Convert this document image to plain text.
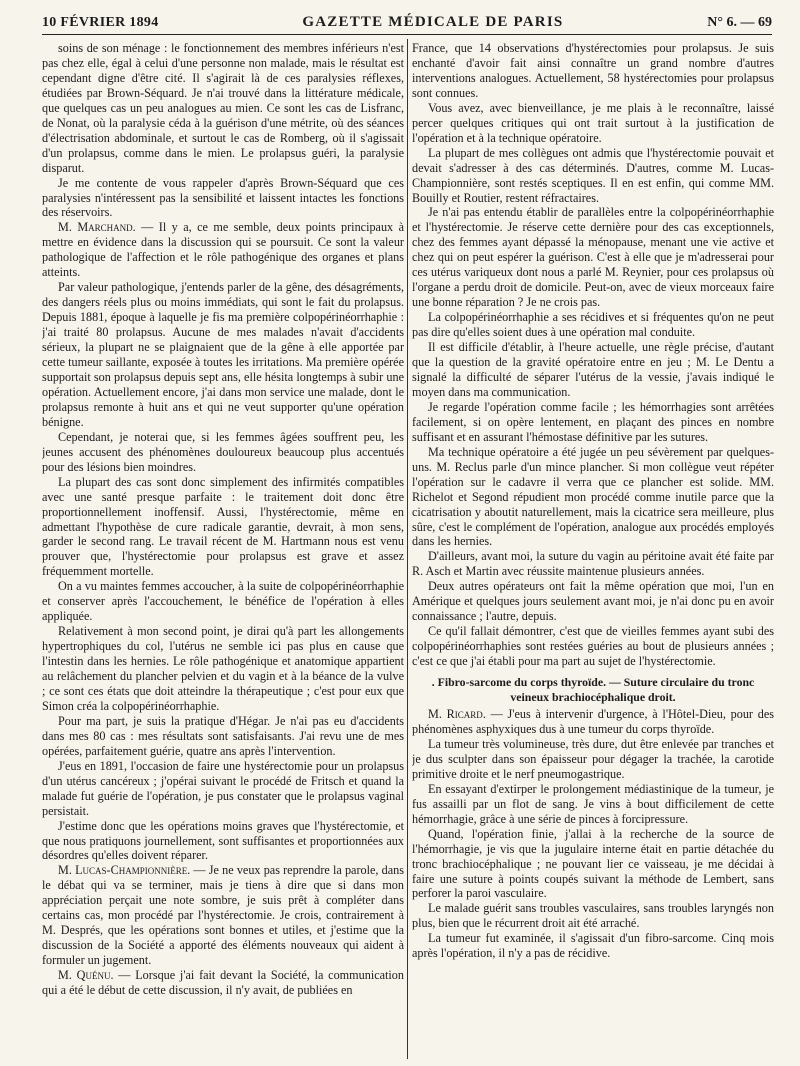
10 FÉVRIER 1894	GAZETTE MÉDICALE DE PARIS	N° 6. — 69

soins de son ménage : le fonctionnement des membres inférieurs n'est pas chez elle, égal à celui d'une personne non malade, mais le résultat est cependant digne d'être cité. Il s'agirait là de ces paralysies réflexes, étudiées par Brown-Séquard. Je n'ai trouvé dans la littérature médicale, que quelques cas un peu analogues au mien. Ce sont les cas de Lisfranc, de Nonat, où la paralysie céda à la guérison d'une métrite, où des séances d'électrisation abdominale, et surtout le cas de Romberg, où il s'agissait d'un prolapsus, comme dans le mien. Le prolapsus guéri, la paralysie disparut.

Je me contente de vous rappeler d'après Brown-Séquard que ces paralysies n'intéressent pas la sensibilité et laissent intactes les fonctions des réservoirs.

M. Marchand. — Il y a, ce me semble, deux points principaux à mettre en évidence dans la discussion qui se poursuit. Ce sont la valeur pathologique de l'affection et le rôle pathogénique des organes et plans atteints.

Par valeur pathologique, j'entends parler de la gêne, des désagréments, des dangers réels plus ou moins immédiats, qui sont le fait du prolapsus. Depuis 1881, époque à laquelle je fis ma première colpopérinéorrhaphie : j'ai traité 80 prolapsus. Aucune de mes malades n'avait d'accidents sérieux, la plupart ne se plaignaient que de la gêne à elle apportée par cette tumeur saillante, exposée à toutes les irritations. Ma première opérée supportait son prolapsus depuis sept ans, elle hésita longtemps à subir une opération. Actuellement encore, j'ai dans mon service une malade, dont le prolapsus remonte à huit ans et qui ne veut supporter qu'une opération bénigne.

Cependant, je noterai que, si les femmes âgées souffrent peu, les jeunes accusent des phénomènes douloureux beaucoup plus accentués pour des lésions bien moindres.

La plupart des cas sont donc simplement des infirmités compatibles avec une santé presque parfaite : le traitement doit donc être proportionnellement inoffensif. Aussi, l'hystérectomie, même en admettant l'hypothèse de cure radicale garantie, devrait, à mon sens, garder le second rang. Le travail récent de M. Hartmann nous est venu prouver que, l'hystérectomie pour prolapsus est grave et assez fréquemment mortelle.

On a vu maintes femmes accoucher, à la suite de colpopérinéorrhaphie et conserver après l'accouchement, le bénéfice de l'opération à elles appliquée.

Relativement à mon second point, je dirai qu'à part les allongements hypertrophiques du col, l'utérus ne semble ici pas plus en cause que l'intestin dans les hernies. Le rôle pathogénique et anatomique appartient au relâchement du plancher pelvien et du vagin et à la béance de la vulve ; ce sont ces états que doit atteindre la thérapeutique ; c'est pour eux que Simon créa la colpopérinéorrhaphie.

Pour ma part, je suis la pratique d'Hégar. Je n'ai pas eu d'accidents dans mes 80 cas : mes résultats sont satisfaisants. J'ai revu une de mes opérées, parfaitement guérie, quatre ans après l'intervention.

J'eus en 1891, l'occasion de faire une hystérectomie pour un prolapsus d'un utérus cancéreux ; j'opérai suivant le procédé de Fritsch et quand la malade fut guérie de l'opération, je pus constater que le prolapsus vaginal persistait.

J'estime donc que les opérations moins graves que l'hystérectomie, et que nous pratiquons journellement, sont suffisantes et proportionnées aux désordres qu'elles doivent réparer.

M. Lucas-Championnière. — Je ne veux pas reprendre la parole, dans le débat qui va se terminer, mais je tiens à dire que si dans mon appréciation perçait une note sombre, je suis prêt à compléter dans certains cas, mon procédé par l'hystérectomie. Je crois, contrairement à M. Després, que les opérations sont bonnes et utiles, et j'estime que la discussion de la Société a apporté des éléments nouveaux qui aident à formuler un jugement.

M. Quénu. — Lorsque j'ai fait devant la Société, la communication qui a été le début de cette discussion, il n'y avait, de publiées en

France, que 14 observations d'hystérectomies pour prolapsus. Je suis enchanté d'avoir fait ainsi connaître un grand nombre d'autres interventions analogues. Actuellement, 58 hystérectomies pour prolapsus sont connues.

Vous avez, avec bienveillance, je me plais à le reconnaître, laissé percer quelques critiques qui ont trait surtout à la justification de l'opération et à la technique opératoire.

La plupart de mes collègues ont admis que l'hystérectomie pouvait et devait s'adresser à des cas déterminés. D'autres, comme M. Lucas-Championnière, sont restés sceptiques. Il en est enfin, qui comme MM. Bouilly et Routier, restent réfractaires.

Je n'ai pas entendu établir de parallèles entre la colpopérinéorrhaphie et l'hystérectomie. Je réserve cette dernière pour des cas exceptionnels, chez des femmes ayant dépassé la ménopause, menant une vie active et chez qui on peut espérer la guérison. C'est à elle que je m'adresserai pour ces utérus variqueux dont nous a parlé M. Reynier, pour ces prolapsus où l'organe a perdu droit de domicile. Peut-on, avec de vieux morceaux faire une bonne réparation ? Je ne crois pas.

La colpopérinéorrhaphie a ses récidives et si fréquentes qu'on ne peut pas dire qu'elles soient dues à une opération mal conduite.

Il est difficile d'établir, à l'heure actuelle, une règle précise, d'autant que la question de la gravité opératoire entre en jeu ; M. Le Dentu a signalé la difficulté de séparer l'utérus de la vessie, j'avais indiqué le moyen dans ma communication.

Je regarde l'opération comme facile ; les hémorrhagies sont arrêtées facilement, si on opère lentement, en plaçant des pinces en nombre suffisant et en assurant l'hémostase définitive par les sutures.

Ma technique opératoire a été jugée un peu sévèrement par quelques-uns. M. Reclus parle d'un mince plancher. Si mon collègue veut répéter l'opération sur le cadavre il verra que ce plancher est solide. MM. Richelot et Segond répudient mon procédé comme inutile parce que la cicatrisation y aboutit naturellement, mais la cicatrice sera meilleure, plus sûre, c'est le complément de l'opération, analogue aux procédés employés dans les hernies.

D'ailleurs, avant moi, la suture du vagin au péritoine avait été faite par R. Asch et Martin avec réussite maintenue plusieurs années.

Deux autres opérateurs ont fait la même opération que moi, l'un en Amérique et quelques jours seulement avant moi, je n'ai donc pu en avoir connaissance ; l'autre, depuis.

Ce qu'il fallait démontrer, c'est que de vieilles femmes ayant subi des colpopérinéorrhaphies sont restées guéries au bout de plusieurs années ; c'est ce que j'ai établi pour ma part au sujet de l'hystérectomie.

. Fibro-sarcome du corps thyroïde. — Suture circulaire du tronc veineux brachiocéphalique droit.

M. Ricard. — J'eus à intervenir d'urgence, à l'Hôtel-Dieu, pour des phénomènes asphyxiques dus à une tumeur du corps thyroïde.

La tumeur très volumineuse, très dure, dut être enlevée par tranches et je dus sculpter dans son épaisseur pour dégager la trachée, la carotide primitive droite et le nerf pneumogastrique.

En essayant d'extirper le prolongement médiastinique de la tumeur, je fus assailli par un flot de sang. Je vins à bout difficilement de cette hémorrhagie, grâce à une série de pinces à forcipressure.

Quand, l'opération finie, j'allai à la recherche de la source de l'hémorrhagie, je vis que la jugulaire interne était en partie détachée du tronc brachiocéphalique ; ne pouvant lier ce vaisseau, je me décidai à faire une suture à points coupés suivant la méthode de Lembert, sans perforer la paroi vasculaire.

Le malade guérit sans troubles vasculaires, sans troubles laryngés non plus, bien que le récurrent droit ait été arraché.

La tumeur fut examinée, il s'agissait d'un fibro-sarcome. Cinq mois après l'opération, il n'y a pas de récidive.
